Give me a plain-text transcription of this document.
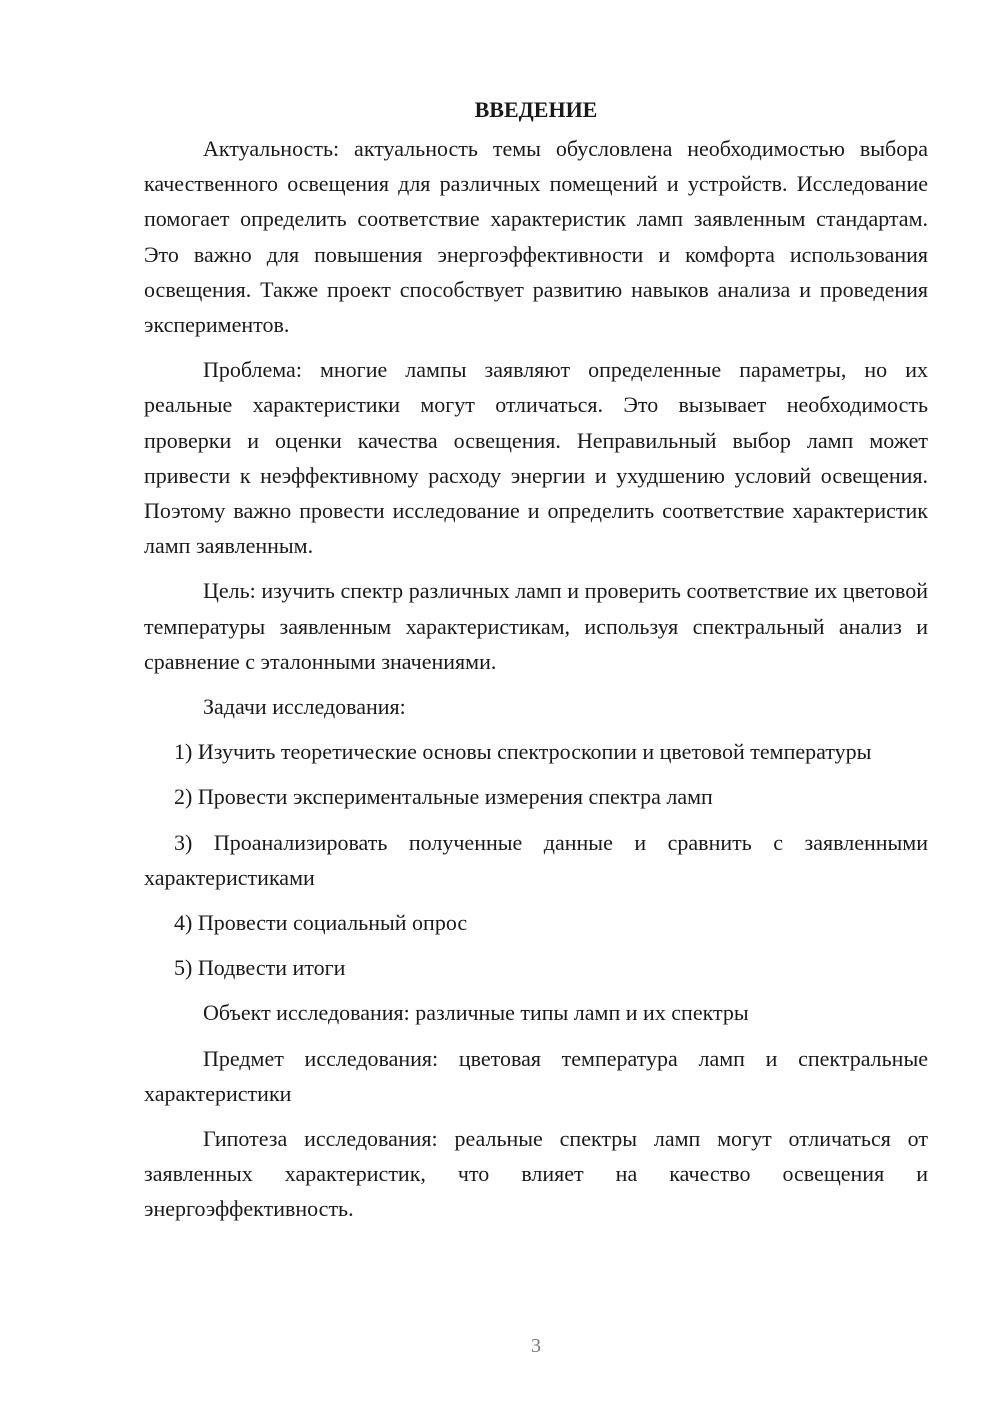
ВВЕДЕНИЕ

Актуальность: актуальность темы обусловлена необходимостью выбора качественного освещения для различных помещений и устройств. Исследование помогает определить соответствие характеристик ламп заявленным стандартам. Это важно для повышения энергоэффективности и комфорта использования освещения. Также проект способствует развитию навыков анализа и проведения экспериментов.

Проблема: многие лампы заявляют определенные параметры, но их реальные характеристики могут отличаться. Это вызывает необходимость проверки и оценки качества освещения. Неправильный выбор ламп может привести к неэффективному расходу энергии и ухудшению условий освещения. Поэтому важно провести исследование и определить соответствие характеристик ламп заявленным.

Цель: изучить спектр различных ламп и проверить соответствие их цветовой температуры заявленным характеристикам, используя спектральный анализ и сравнение с эталонными значениями.

Задачи исследования:

1) Изучить теоретические основы спектроскопии и цветовой температуры

2) Провести экспериментальные измерения спектра ламп

3) Проанализировать полученные данные и сравнить с заявленными характеристиками

4) Провести социальный опрос

5) Подвести итоги

Объект исследования: различные типы ламп и их спектры

Предмет исследования: цветовая температура ламп и спектральные характеристики

Гипотеза исследования: реальные спектры ламп могут отличаться от заявленных характеристик, что влияет на качество освещения и энергоэффективность.

3
